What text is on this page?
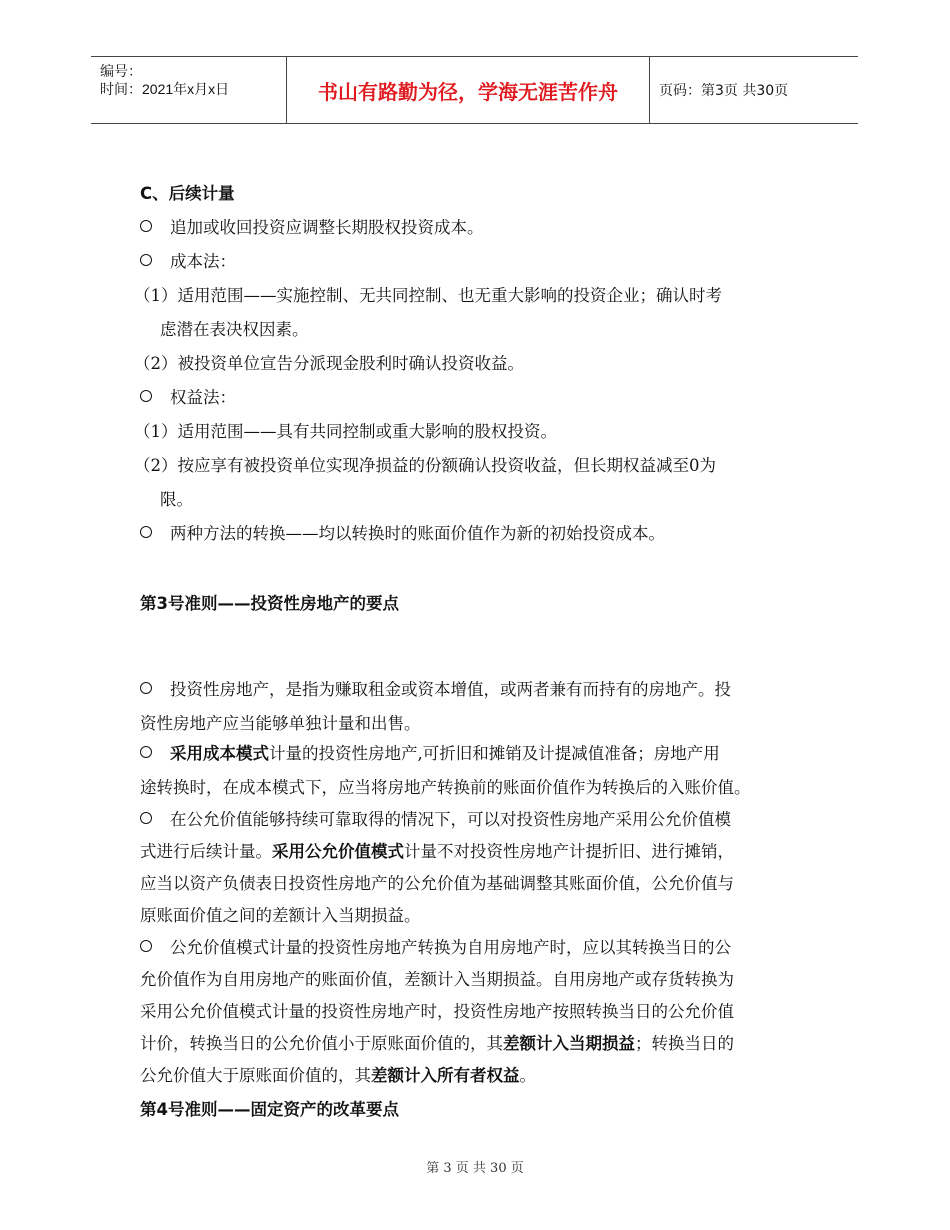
编号：
时间：2021年x月x日	书山有路勤为径，学海无涯苦作舟	页码：第3页 共30页
C、后续计量
追加或收回投资应调整长期股权投资成本。
成本法：
（1）适用范围——实施控制、无共同控制、也无重大影响的投资企业；确认时考
虑潜在表决权因素。
（2）被投资单位宣告分派现金股利时确认投资收益。
权益法：
（1）适用范围——具有共同控制或重大影响的股权投资。
（2）按应享有被投资单位实现净损益的份额确认投资收益，但长期权益减至0为
限。
两种方法的转换——均以转换时的账面价值作为新的初始投资成本。
第3号准则——投资性房地产的要点
投资性房地产，是指为赚取租金或资本增值，或两者兼有而持有的房地产。投
资性房地产应当能够单独计量和出售。
采用成本模式计量的投资性房地产,可折旧和摊销及计提减值准备；房地产用
途转换时，在成本模式下，应当将房地产转换前的账面价值作为转换后的入账价值。
在公允价值能够持续可靠取得的情况下，可以对投资性房地产采用公允价值模
式进行后续计量。采用公允价值模式计量不对投资性房地产计提折旧、进行摊销，
应当以资产负债表日投资性房地产的公允价值为基础调整其账面价值，公允价值与
原账面价值之间的差额计入当期损益。
公允价值模式计量的投资性房地产转换为自用房地产时，应以其转换当日的公
允价值作为自用房地产的账面价值，差额计入当期损益。自用房地产或存货转换为
采用公允价值模式计量的投资性房地产时，投资性房地产按照转换当日的公允价值
计价，转换当日的公允价值小于原账面价值的，其差额计入当期损益；转换当日的
公允价值大于原账面价值的，其差额计入所有者权益。
第4号准则——固定资产的改革要点
第 3 页 共 30 页
